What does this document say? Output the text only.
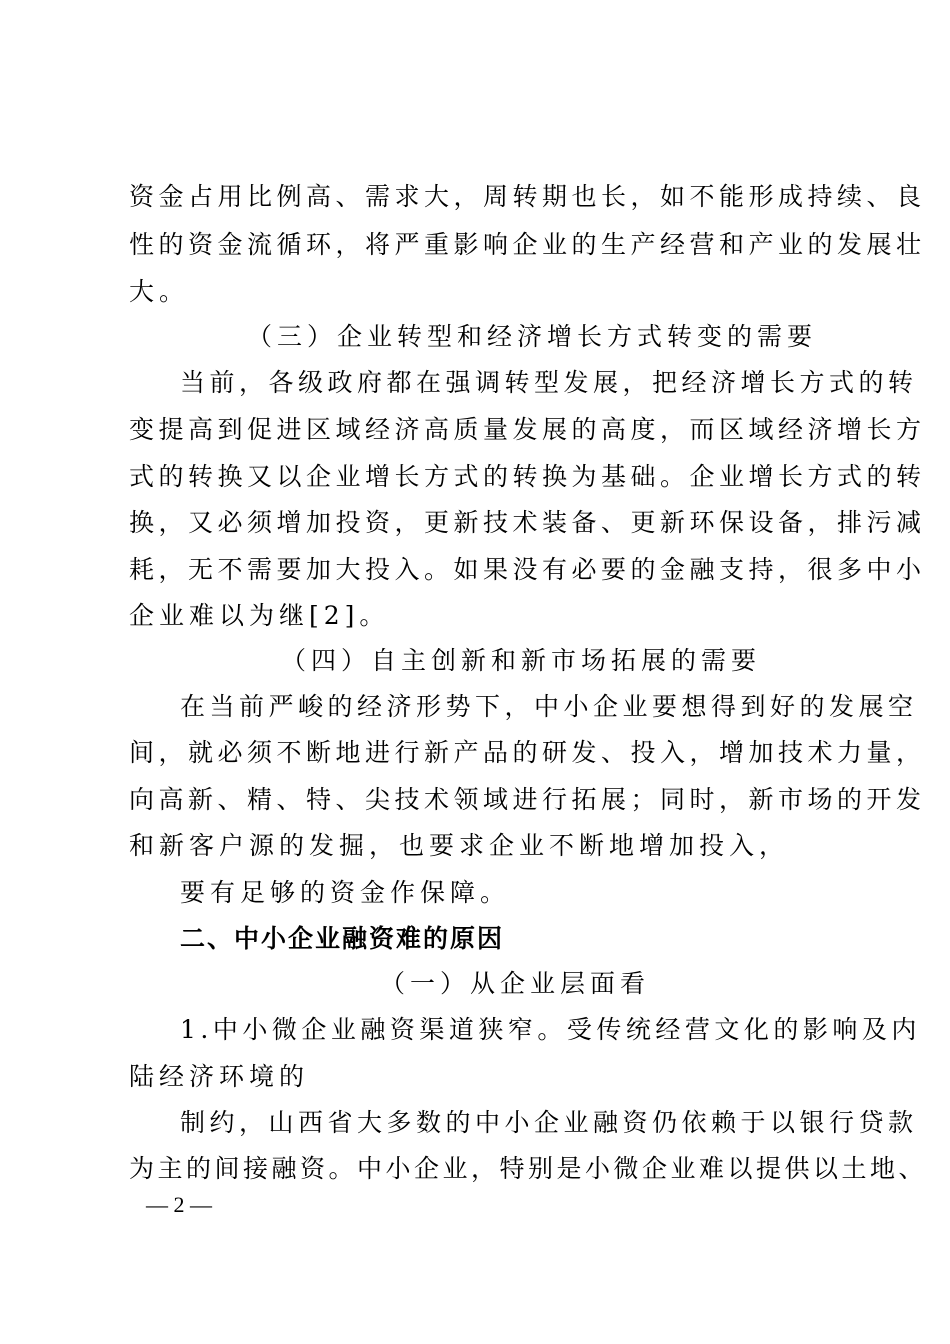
资金占用比例高、需求大，周转期也长，如不能形成持续、良
性的资金流循环，将严重影响企业的生产经营和产业的发展壮
大。
（三）企业转型和经济增长方式转变的需要
当前，各级政府都在强调转型发展，把经济增长方式的转
变提高到促进区域经济高质量发展的高度，而区域经济增长方
式的转换又以企业增长方式的转换为基础。企业增长方式的转
换，又必须增加投资，更新技术装备、更新环保设备，排污减
耗，无不需要加大投入。如果没有必要的金融支持，很多中小
企业难以为继[2]。
（四）自主创新和新市场拓展的需要
在当前严峻的经济形势下，中小企业要想得到好的发展空
间，就必须不断地进行新产品的研发、投入，增加技术力量，
向高新、精、特、尖技术领域进行拓展；同时，新市场的开发
和新客户源的发掘，也要求企业不断地增加投入，
要有足够的资金作保障。
二、中小企业融资难的原因
（一）从企业层面看
1.中小微企业融资渠道狭窄。受传统经营文化的影响及内
陆经济环境的
制约，山西省大多数的中小企业融资仍依赖于以银行贷款
为主的间接融资。中小企业，特别是小微企业难以提供以土地、
— 2 —
